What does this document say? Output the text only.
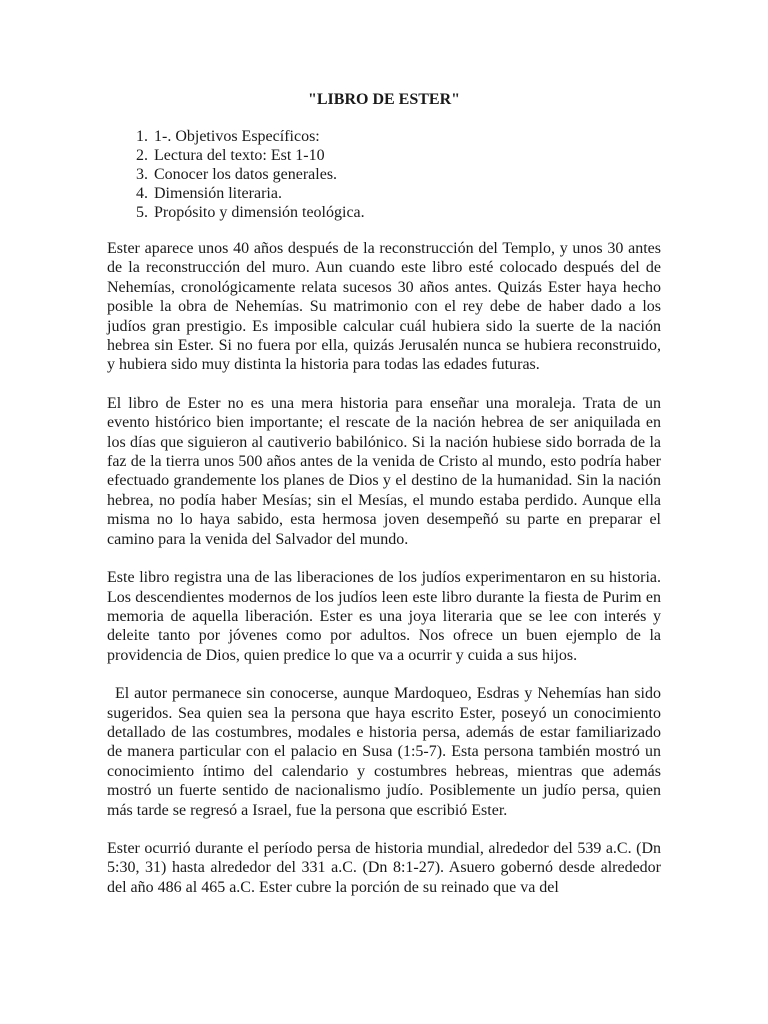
"LIBRO DE ESTER"
1. 1-. Objetivos Específicos:
2. Lectura del texto: Est 1-10
3. Conocer los datos generales.
4. Dimensión literaria.
5. Propósito y dimensión teológica.

Ester aparece unos 40 años después de la reconstrucción del Templo, y unos 30 antes de la reconstrucción del muro. Aun cuando este libro esté colocado después del de Nehemías, cronológicamente relata sucesos 30 años antes. Quizás Ester haya hecho posible la obra de Nehemías. Su matrimonio con el rey debe de haber dado a los judíos gran prestigio. Es imposible calcular cuál hubiera sido la suerte de la nación hebrea sin Ester. Si no fuera por ella, quizás Jerusalén nunca se hubiera reconstruido, y hubiera sido muy distinta la historia para todas las edades futuras.

El libro de Ester no es una mera historia para enseñar una moraleja. Trata de un evento histórico bien importante; el rescate de la nación hebrea de ser aniquilada en los días que siguieron al cautiverio babilónico. Si la nación hubiese sido borrada de la faz de la tierra unos 500 años antes de la venida de Cristo al mundo, esto podría haber efectuado grandemente los planes de Dios y el destino de la humanidad. Sin la nación hebrea, no podía haber Mesías; sin el Mesías, el mundo estaba perdido. Aunque ella misma no lo haya sabido, esta hermosa joven desempeñó su parte en preparar el camino para la venida del Salvador del mundo.

Este libro registra una de las liberaciones de los judíos experimentaron en su historia. Los descendientes modernos de los judíos leen este libro durante la fiesta de Purim en memoria de aquella liberación. Ester es una joya literaria que se lee con interés y deleite tanto por jóvenes como por adultos. Nos ofrece un buen ejemplo de la providencia de Dios, quien predice lo que va a ocurrir y cuida a sus hijos.

El autor permanece sin conocerse, aunque Mardoqueo, Esdras y Nehemías han sido sugeridos. Sea quien sea la persona que haya escrito Ester, poseyó un conocimiento detallado de las costumbres, modales e historia persa, además de estar familiarizado de manera particular con el palacio en Susa (1:5-7). Esta persona también mostró un conocimiento íntimo del calendario y costumbres hebreas, mientras que además mostró un fuerte sentido de nacionalismo judío. Posiblemente un judío persa, quien más tarde se regresó a Israel, fue la persona que escribió Ester.

Ester ocurrió durante el período persa de historia mundial, alrededor del 539 a.C. (Dn 5:30, 31) hasta alrededor del 331 a.C. (Dn 8:1-27). Asuero gobernó desde alrededor del año 486 al 465 a.C. Ester cubre la porción de su reinado que va del
